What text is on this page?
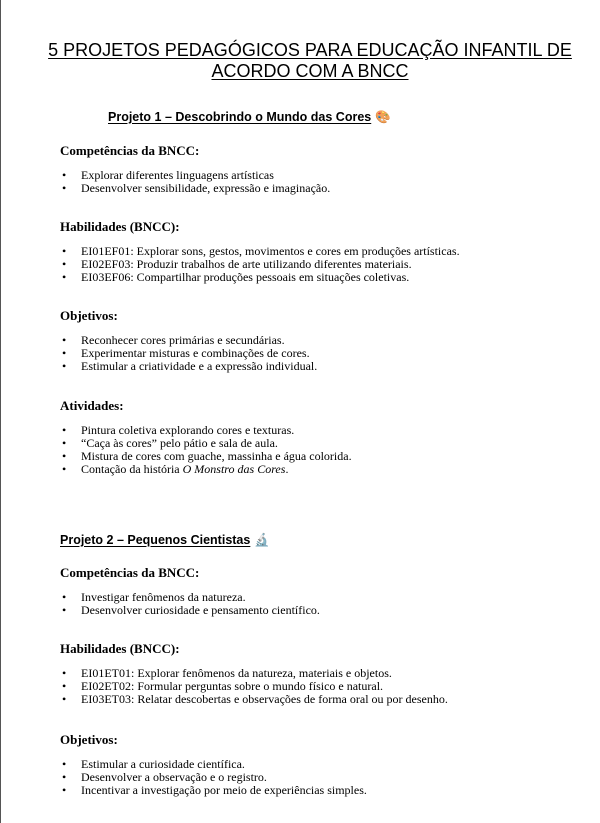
5 PROJETOS PEDAGÓGICOS PARA EDUCAÇÃO INFANTIL DE ACORDO COM A BNCC
Projeto 1 – Descobrindo o Mundo das Cores 🎨
Competências da BNCC:
• Explorar diferentes linguagens artísticas
• Desenvolver sensibilidade, expressão e imaginação.
Habilidades (BNCC):
• EI01EF01: Explorar sons, gestos, movimentos e cores em produções artísticas.
• EI02EF03: Produzir trabalhos de arte utilizando diferentes materiais.
• EI03EF06: Compartilhar produções pessoais em situações coletivas.
Objetivos:
• Reconhecer cores primárias e secundárias.
• Experimentar misturas e combinações de cores.
• Estimular a criatividade e a expressão individual.
Atividades:
• Pintura coletiva explorando cores e texturas.
• “Caça às cores” pelo pátio e sala de aula.
• Mistura de cores com guache, massinha e água colorida.
• Contação da história O Monstro das Cores.
Projeto 2 – Pequenos Cientistas 🔬
Competências da BNCC:
• Investigar fenômenos da natureza.
• Desenvolver curiosidade e pensamento científico.
Habilidades (BNCC):
• EI01ET01: Explorar fenômenos da natureza, materiais e objetos.
• EI02ET02: Formular perguntas sobre o mundo físico e natural.
• EI03ET03: Relatar descobertas e observações de forma oral ou por desenho.
Objetivos:
• Estimular a curiosidade científica.
• Desenvolver a observação e o registro.
• Incentivar a investigação por meio de experiências simples.
